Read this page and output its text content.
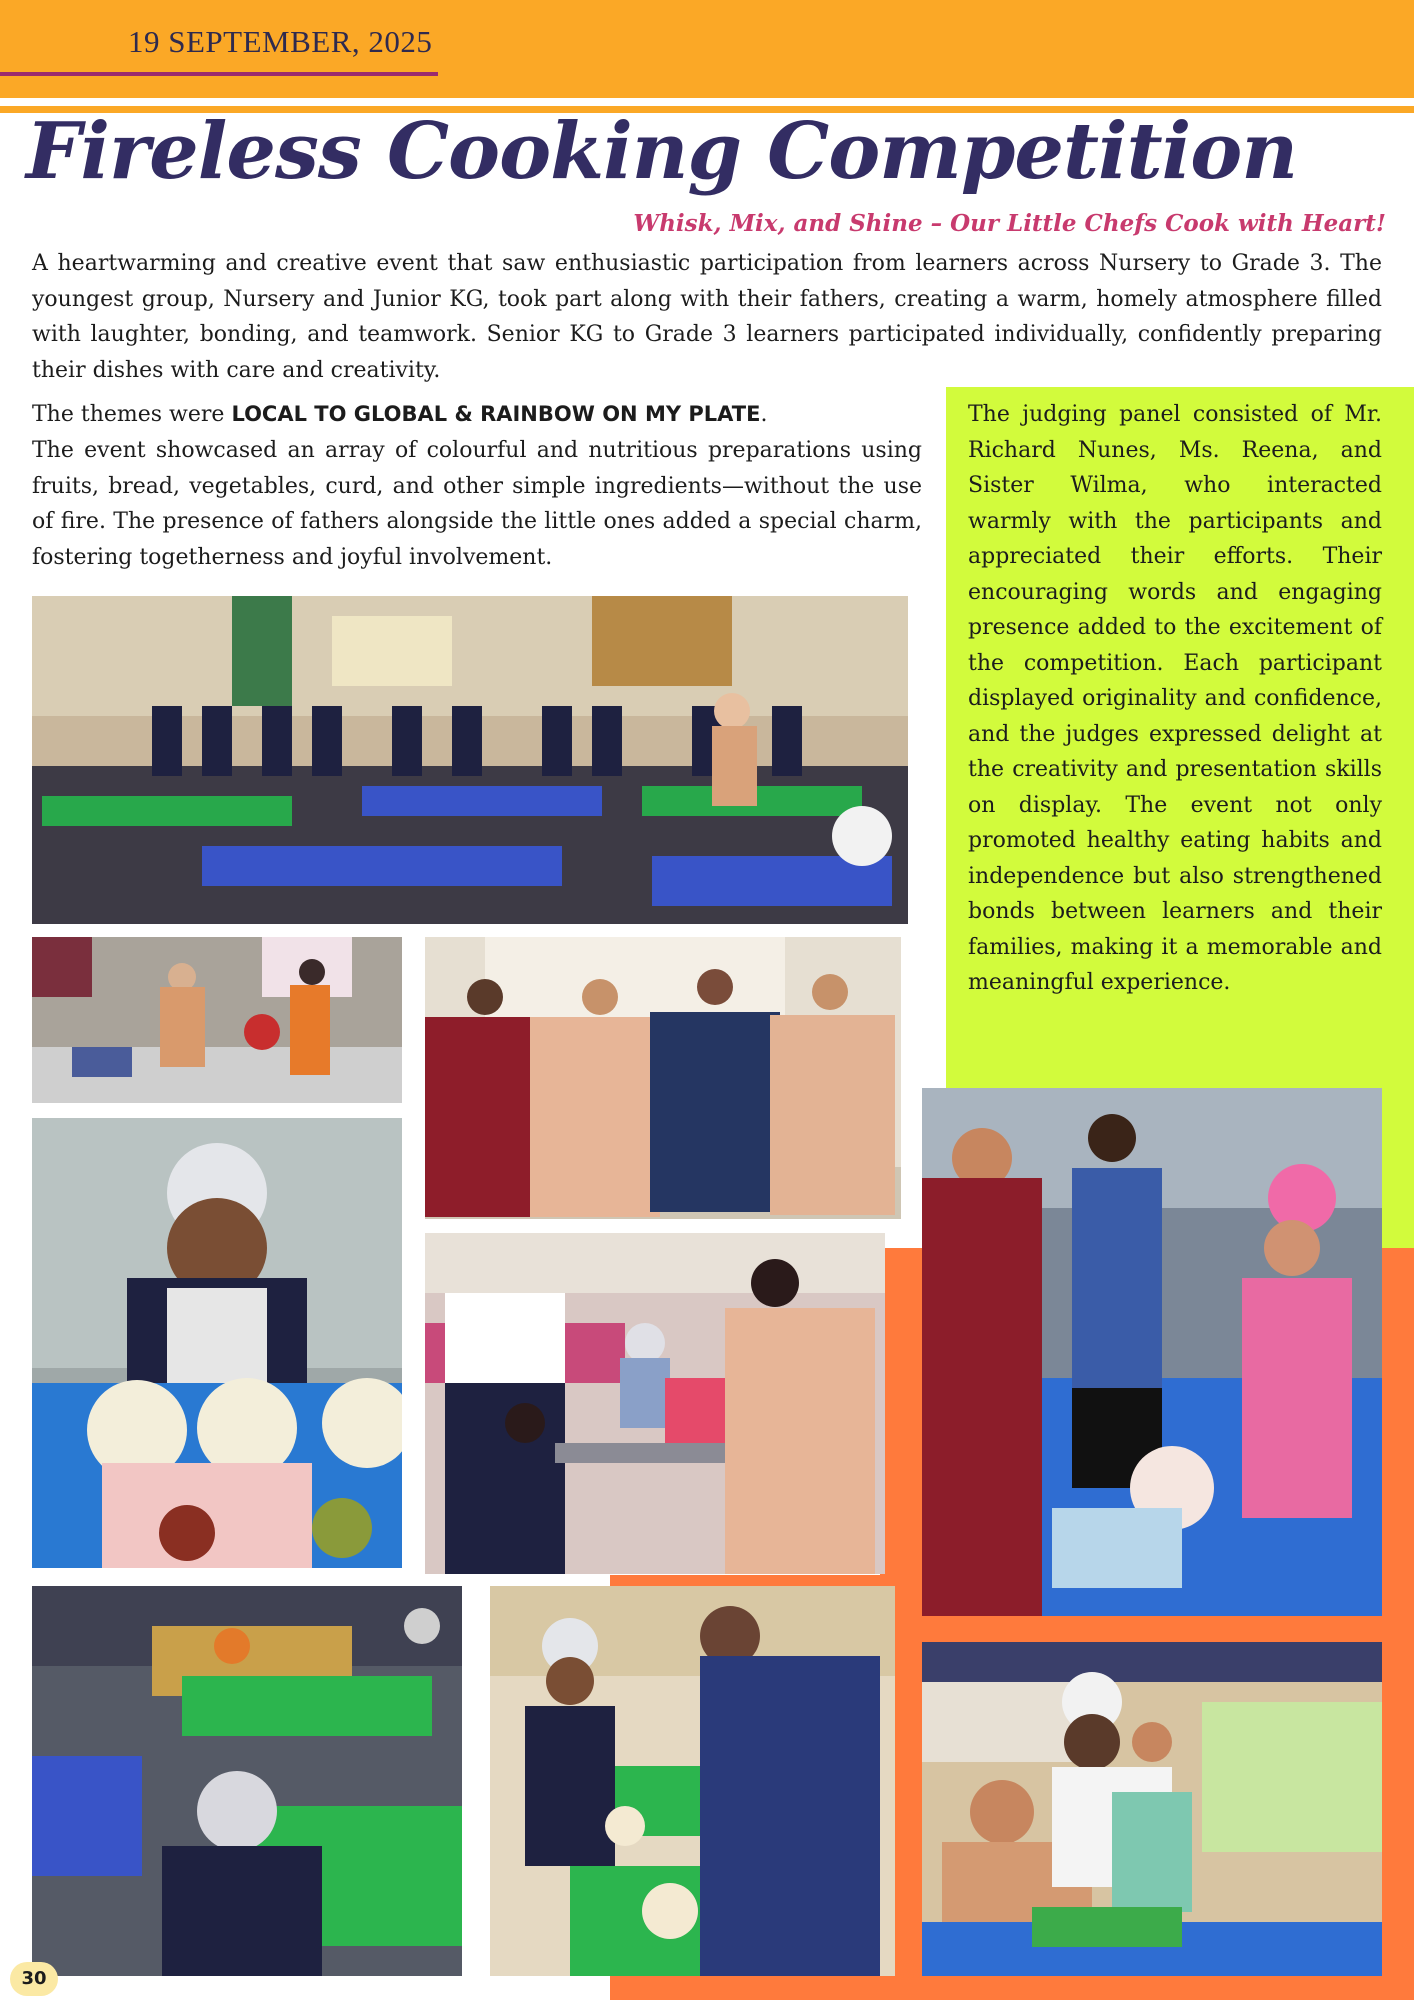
19 SEPTEMBER, 2025
Fireless Cooking Competition

Whisk, Mix, and Shine – Our Little Chefs Cook with Heart!

A heartwarming and creative event that saw enthusiastic participation from learners across Nursery to Grade 3. The youngest group, Nursery and Junior KG, took part along with their fathers, creating a warm, homely atmosphere filled with laughter, bonding, and teamwork. Senior KG to Grade 3 learners participated individually, confidently preparing their dishes with care and creativity.

The themes were LOCAL TO GLOBAL & RAINBOW ON MY PLATE.

The event showcased an array of colourful and nutritious preparations using fruits, bread, vegetables, curd, and other simple ingredients—without the use of fire. The presence of fathers alongside the little ones added a special charm, fostering togetherness and joyful involvement.

The judging panel consisted of Mr. Richard Nunes, Ms. Reena, and Sister Wilma, who interacted warmly with the participants and appreciated their efforts. Their encouraging words and engaging presence added to the excitement of the competition. Each participant displayed originality and confidence, and the judges expressed delight at the creativity and presentation skills on display. The event not only promoted healthy eating habits and independence but also strengthened bonds between learners and their families, making it a memorable and meaningful experience.

30
